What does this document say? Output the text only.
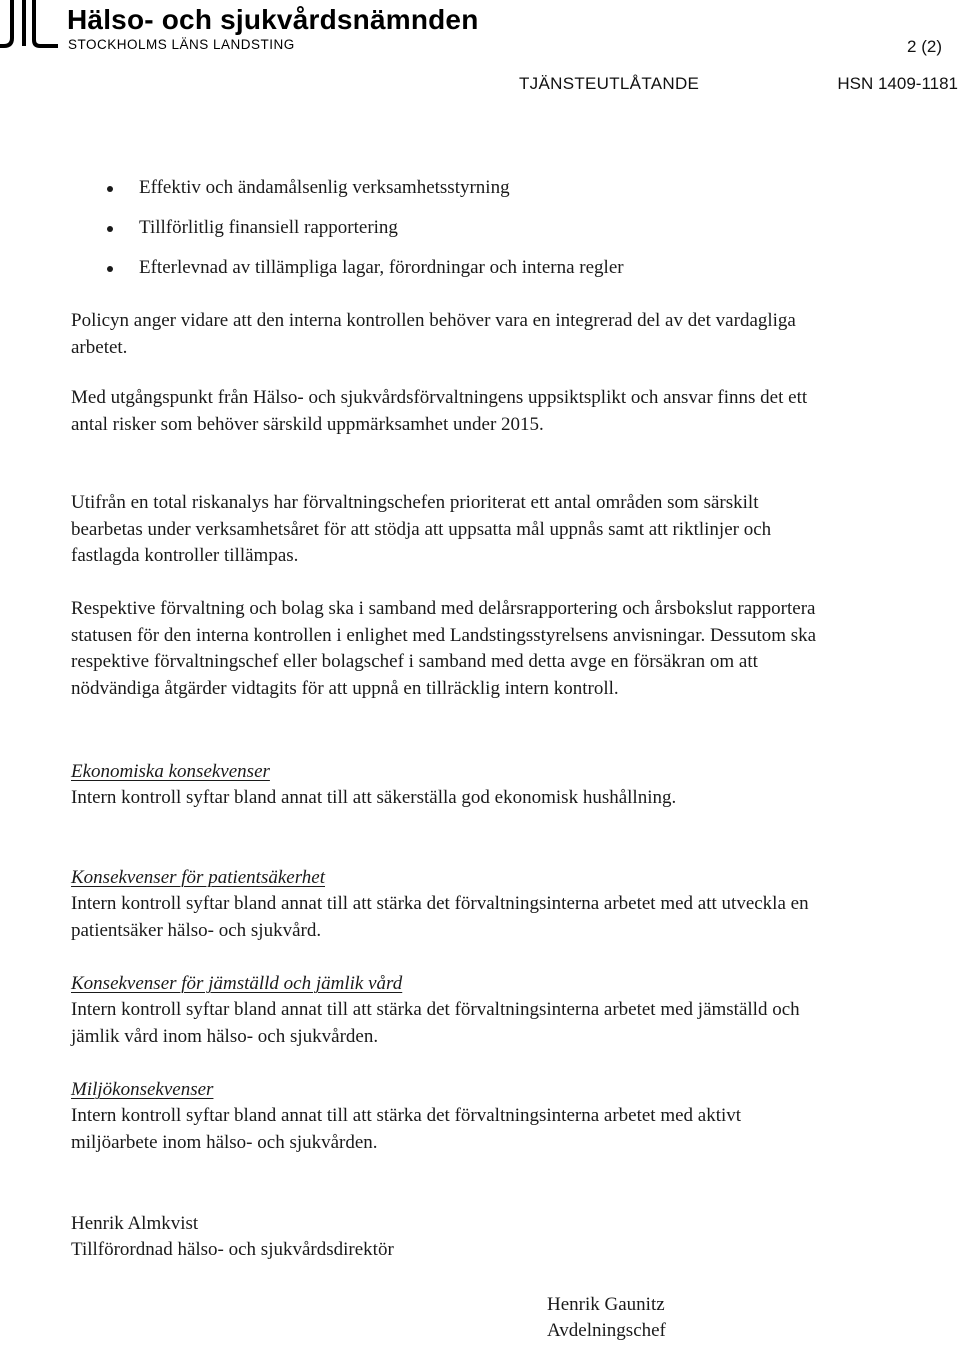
Hälso- och sjukvårdsnämnden
STOCKHOLMS LÄNS LANDSTING	2 (2)
TJÄNSTEUTLÅTANDE	HSN 1409-1181
Effektiv och ändamålsenlig verksamhetsstyrning
Tillförlitlig finansiell rapportering
Efterlevnad av tillämpliga lagar, förordningar och interna regler

Policyn anger vidare att den interna kontrollen behöver vara en integrerad del av det vardagliga arbetet.

Med utgångspunkt från Hälso- och sjukvårdsförvaltningens uppsiktsplikt och ansvar finns det ett antal risker som behöver särskild uppmärksamhet under 2015.

Utifrån en total riskanalys har förvaltningschefen prioriterat ett antal områden som särskilt bearbetas under verksamhetsåret för att stödja att uppsatta mål uppnås samt att riktlinjer och fastlagda kontroller tillämpas.

Respektive förvaltning och bolag ska i samband med delårsrapportering och årsbokslut rapportera statusen för den interna kontrollen i enlighet med Landstingsstyrelsens anvisningar. Dessutom ska respektive förvaltningschef eller bolagschef i samband med detta avge en försäkran om att nödvändiga åtgärder vidtagits för att uppnå en tillräcklig intern kontroll.

Ekonomiska konsekvenser

Intern kontroll syftar bland annat till att säkerställa god ekonomisk hushållning.

Konsekvenser för patientsäkerhet

Intern kontroll syftar bland annat till att stärka det förvaltningsinterna arbetet med att utveckla en patientsäker hälso- och sjukvård.

Konsekvenser för jämställd och jämlik vård

Intern kontroll syftar bland annat till att stärka det förvaltningsinterna arbetet med jämställd och jämlik vård inom hälso- och sjukvården.

Miljökonsekvenser

Intern kontroll syftar bland annat till att stärka det förvaltningsinterna arbetet med aktivt miljöarbete inom hälso- och sjukvården.

Henrik Almkvist

Tillförordnad hälso- och sjukvårdsdirektör

Henrik Gaunitz

Avdelningschef
